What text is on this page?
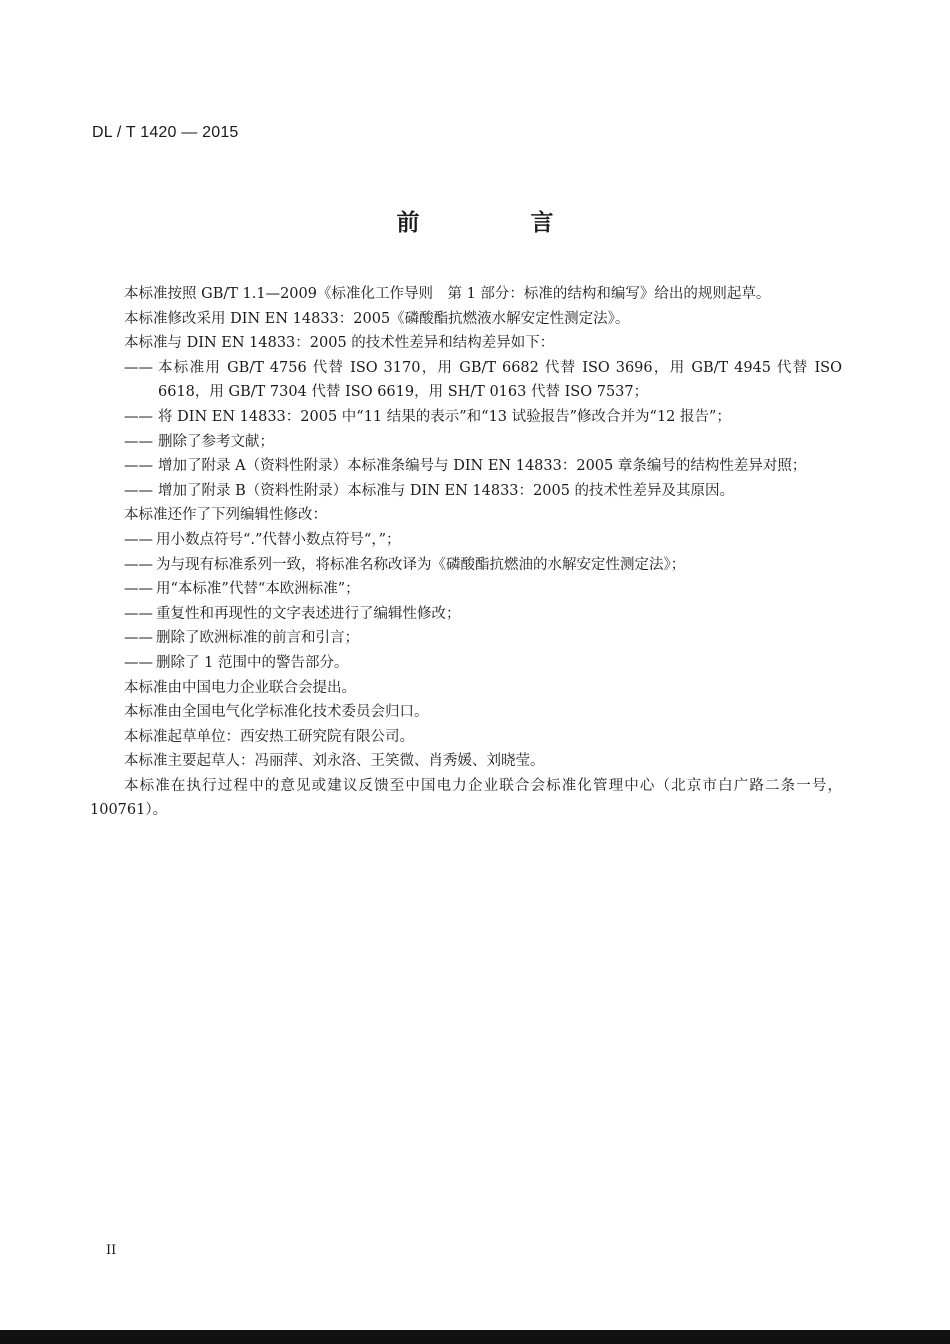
DL / T 1420 — 2015
前　言

本标准按照 GB/T 1.1—2009《标准化工作导则　第 1 部分：标准的结构和编写》给出的规则起草。

本标准修改采用 DIN EN 14833：2005《磷酸酯抗燃液水解安定性测定法》。

本标准与 DIN EN 14833：2005 的技术性差异和结构差异如下：

—— 本标准用 GB/T 4756 代替 ISO 3170，用 GB/T 6682 代替 ISO 3696，用 GB/T 4945 代替 ISO 6618，用 GB/T 7304 代替 ISO 6619，用 SH/T 0163 代替 ISO 7537；
—— 将 DIN EN 14833：2005 中“11 结果的表示”和“13 试验报告”修改合并为“12 报告”；
—— 删除了参考文献；
—— 增加了附录 A（资料性附录）本标准条编号与 DIN EN 14833：2005 章条编号的结构性差异对照；
—— 增加了附录 B（资料性附录）本标准与 DIN EN 14833：2005 的技术性差异及其原因。

本标准还作了下列编辑性修改：

—— 用小数点符号“.”代替小数点符号“，”；
—— 为与现有标准系列一致，将标准名称改译为《磷酸酯抗燃油的水解安定性测定法》；
—— 用“本标准”代替“本欧洲标准”；
—— 重复性和再现性的文字表述进行了编辑性修改；
—— 删除了欧洲标准的前言和引言；
—— 删除了 1 范围中的警告部分。

本标准由中国电力企业联合会提出。

本标准由全国电气化学标准化技术委员会归口。

本标准起草单位：西安热工研究院有限公司。

本标准主要起草人：冯丽萍、刘永洛、王笑微、肖秀媛、刘晓莹。

本标准在执行过程中的意见或建议反馈至中国电力企业联合会标准化管理中心（北京市白广路二条一号，100761）。

II
